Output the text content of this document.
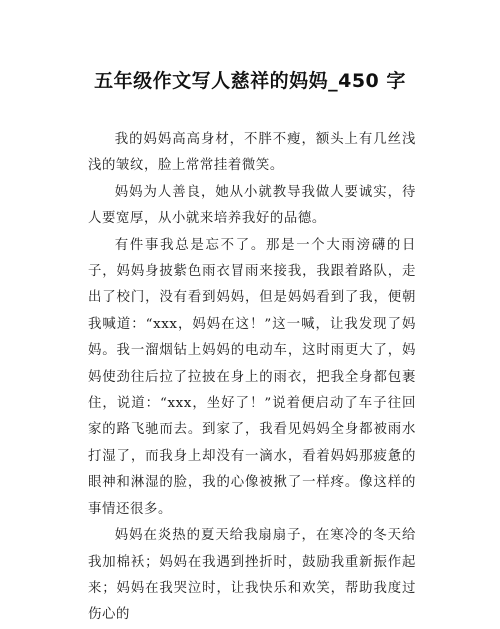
五年级作文写人慈祥的妈妈_450 字

我的妈妈高高身材，不胖不瘦，额头上有几丝浅浅的皱纹，脸上常常挂着微笑。

妈妈为人善良，她从小就教导我做人要诚实，待人要宽厚，从小就来培养我好的品德。

有件事我总是忘不了。那是一个大雨滂礴的日子，妈妈身披紫色雨衣冒雨来接我，我跟着路队，走出了校门，没有看到妈妈，但是妈妈看到了我，便朝我喊道：“xxx，妈妈在这！”这一喊，让我发现了妈妈。我一溜烟钻上妈妈的电动车，这时雨更大了，妈妈使劲往后拉了拉披在身上的雨衣，把我全身都包裹住，说道：“xxx，坐好了！”说着便启动了车子往回家的路飞驰而去。到家了，我看见妈妈全身都被雨水打湿了，而我身上却没有一滴水，看着妈妈那疲惫的眼神和淋湿的脸，我的心像被揪了一样疼。像这样的事情还很多。

妈妈在炎热的夏天给我扇扇子，在寒冷的冬天给我加棉袄；妈妈在我遇到挫折时，鼓励我重新振作起来；妈妈在我哭泣时，让我快乐和欢笑，帮助我度过伤心的
